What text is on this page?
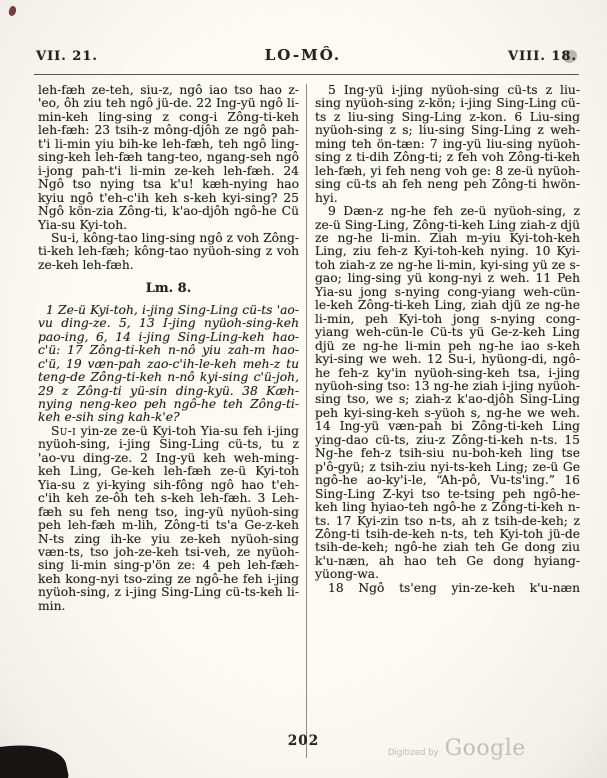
VII. 21.	LO-MÔ.	VIII. 18.

leh-fæh ze-teh, siu-z, ngô iao tso hao z-'eo, ôh ziu teh ngô jü-de. 22 Ing-yü ngô li-min-keh ling-sing z cong-i Zông-ti-keh leh-fæh: 23 tsih-z mông-djôh ze ngô pah-t'i li-min yiu bih-ke leh-fæh, teh ngô ling-sing-keh leh-fæh tang-teo, ngang-seh ngô i-jong pah-t'i li-min ze-keh leh-fæh. 24 Ngô tso nying tsa k'u! kæh-nying hao kyiu ngô t'eh-c'ih keh s-keh kyi-sing? 25 Ngô kön-zia Zông-ti, k'ao-djôh ngô-he Cü Yia-su Kyi-toh.

Su-i, kông-tao ling-sing ngô z voh Zông-ti-keh leh-fæh; kông-tao nyüoh-sing z voh ze-keh leh-fæh.

Lm. 8.

1 Ze-ü Kyi-toh, i-jing Sing-Ling cü-ts 'ao-vu ding-ze. 5, 13 I-jing nyüoh-sing-keh pao-ing, 6, 14 i-jing Sing-Ling-keh hao-c'ü: 17 Zông-ti-keh n-nô yiu zah-m hao-c'ü, 19 væn-pah zao-c'ih-le-keh meh-z tu teng-de Zông-ti-keh n-nô kyi-sing c'ü-joh, 29 z Zông-ti yü-sin ding-kyü. 38 Kæh-nying neng-keo peh ngô-he teh Zông-ti-keh e-sih sing kah-k'e?

Su-i yin-ze ze-ü Kyi-toh Yia-su feh i-jing nyüoh-sing, i-jing Sing-Ling cü-ts, tu z 'ao-vu ding-ze. 2 Ing-yü keh weh-ming-keh Ling, Ge-keh leh-fæh ze-ü Kyi-toh Yia-su z yi-kying sih-fông ngô hao t'eh-c'ih keh ze-ôh teh s-keh leh-fæh. 3 Leh-fæh su feh neng tso, ing-yü nyüoh-sing peh leh-fæh m-lih, Zông-ti ts'a Ge-z-keh N-ts zing ih-ke yiu ze-keh nyüoh-sing væn-ts, tso joh-ze-keh tsi-veh, ze nyüoh-sing li-min sing-p'ön ze: 4 peh leh-fæh-keh kong-nyi tso-zing ze ngô-he feh i-jing nyüoh-sing, z i-jing Sing-Ling cü-ts-keh li-min.

5 Ing-yü i-jing nyüoh-sing cü-ts z liu-sing nyüoh-sing z-kön; i-jing Sing-Ling cü-ts z liu-sing Sing-Ling z-kon. 6 Liu-sing nyüoh-sing z s; liu-sing Sing-Ling z weh-ming teh ön-tæn: 7 ing-yü liu-sing nyüoh-sing z ti-dih Zông-ti; z feh voh Zông-ti-keh leh-fæh, yi feh neng voh ge: 8 ze-ü nyüoh-sing cü-ts ah feh neng peh Zông-ti hwön-hyi.

9 Dæn-z ng-he feh ze-ü nyüoh-sing, z ze-ü Sing-Ling, Zông-ti-keh Ling ziah-z djü ze ng-he li-min. Ziah m-yiu Kyi-toh-keh Ling, ziu feh-z Kyi-toh-keh nying. 10 Kyi-toh ziah-z ze ng-he li-min, kyi-sing yü ze s-gao; ling-sing yü kong-nyi z weh. 11 Peh Yia-su jong s-nying cong-yiang weh-cün-le-keh Zông-ti-keh Ling, ziah djü ze ng-he li-min, peh Kyi-toh jong s-nying cong-yiang weh-cün-le Cü-ts yü Ge-z-keh Ling djü ze ng-he li-min peh ng-he iao s-keh kyi-sing we weh. 12 Su-i, hyüong-di, ngô-he feh-z ky'in nyüoh-sing-keh tsa, i-jing nyüoh-sing tso: 13 ng-he ziah i-jing nyüoh-sing tso, we s; ziah-z k'ao-djôh Sing-Ling peh kyi-sing-keh s-yüoh s, ng-he we weh. 14 Ing-yü væn-pah bi Zông-ti-keh Ling ying-dao cü-ts, ziu-z Zông-ti-keh n-ts. 15 Ng-he feh-z tsih-siu nu-boh-keh ling tse p'ô-gyü; z tsih-ziu nyi-ts-keh Ling; ze-ü Ge ngô-he ao-ky'i-le, “Ah-pô, Vu-ts'ing.” 16 Sing-Ling Z-kyi tso te-tsing peh ngô-he-keh ling hyiao-teh ngô-he z Zông-ti-keh n-ts. 17 Kyi-zin tso n-ts, ah z tsih-de-keh; z Zông-ti tsih-de-keh n-ts, teh Kyi-toh jü-de tsih-de-keh; ngô-he ziah teh Ge dong ziu k'u-næn, ah hao teh Ge dong hyiang-yüong-wa.

18 Ngô ts'eng yin-ze-keh k'u-næn

202
Digitized by Google
